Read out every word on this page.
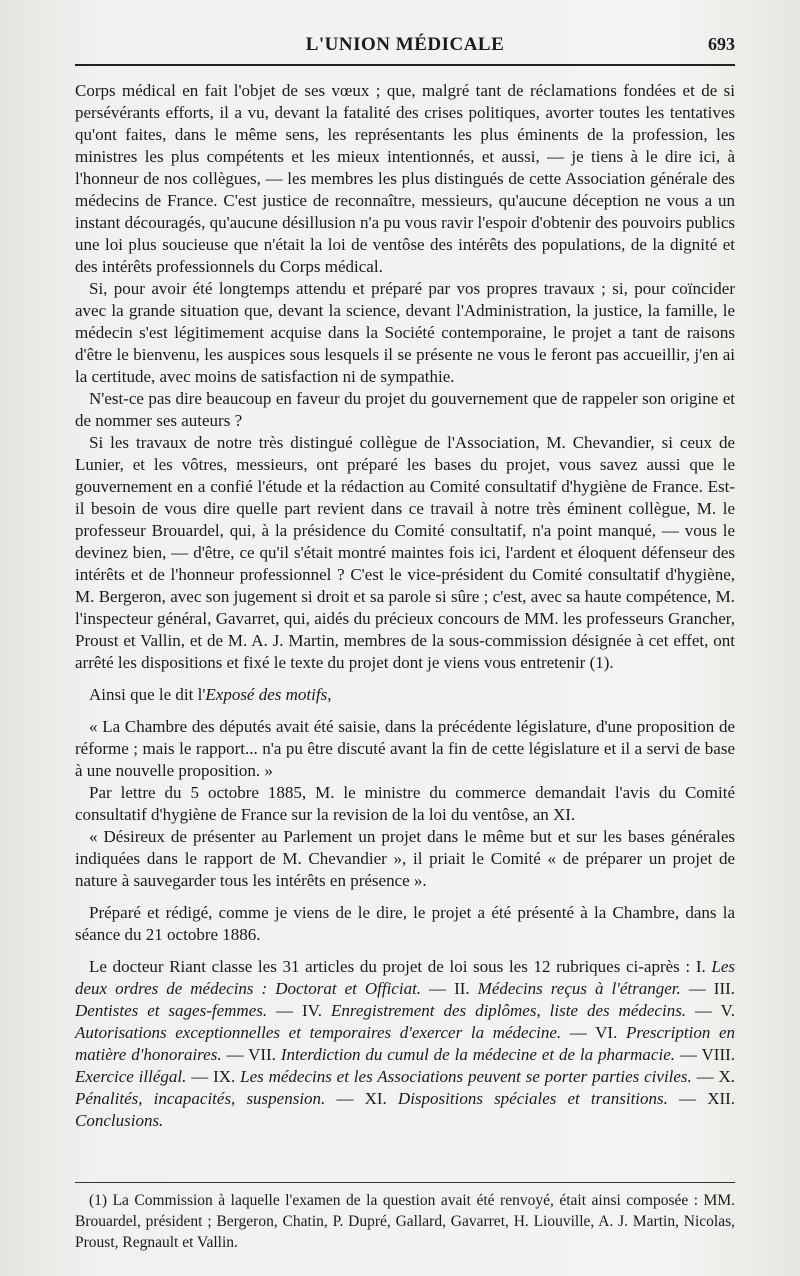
L'UNION MÉDICALE	693

Corps médical en fait l'objet de ses vœux ; que, malgré tant de réclamations fondées et de si persévérants efforts, il a vu, devant la fatalité des crises politiques, avorter toutes les tentatives qu'ont faites, dans le même sens, les représentants les plus éminents de la profession, les ministres les plus compétents et les mieux intentionnés, et aussi, — je tiens à le dire ici, à l'honneur de nos collègues, — les membres les plus distingués de cette Association générale des médecins de France. C'est justice de reconnaître, messieurs, qu'aucune déception ne vous a un instant découragés, qu'aucune désillusion n'a pu vous ravir l'espoir d'obtenir des pouvoirs publics une loi plus soucieuse que n'était la loi de ventôse des intérêts des populations, de la dignité et des intérêts professionnels du Corps médical.

Si, pour avoir été longtemps attendu et préparé par vos propres travaux ; si, pour coïncider avec la grande situation que, devant la science, devant l'Administration, la justice, la famille, le médecin s'est légitimement acquise dans la Société contemporaine, le projet a tant de raisons d'être le bienvenu, les auspices sous lesquels il se présente ne vous le feront pas accueillir, j'en ai la certitude, avec moins de satisfaction ni de sympathie.

N'est-ce pas dire beaucoup en faveur du projet du gouvernement que de rappeler son origine et de nommer ses auteurs ?

Si les travaux de notre très distingué collègue de l'Association, M. Chevandier, si ceux de Lunier, et les vôtres, messieurs, ont préparé les bases du projet, vous savez aussi que le gouvernement en a confié l'étude et la rédaction au Comité consultatif d'hygiène de France. Est-il besoin de vous dire quelle part revient dans ce travail à notre très éminent collègue, M. le professeur Brouardel, qui, à la présidence du Comité consultatif, n'a point manqué, — vous le devinez bien, — d'être, ce qu'il s'était montré maintes fois ici, l'ardent et éloquent défenseur des intérêts et de l'honneur professionnel ? C'est le vice-président du Comité consultatif d'hygiène, M. Bergeron, avec son jugement si droit et sa parole si sûre ; c'est, avec sa haute compétence, M. l'inspecteur général, Gavarret, qui, aidés du précieux concours de MM. les professeurs Grancher, Proust et Vallin, et de M. A. J. Martin, membres de la sous-commission désignée à cet effet, ont arrêté les dispositions et fixé le texte du projet dont je viens vous entretenir (1).

Ainsi que le dit l'Exposé des motifs,

« La Chambre des députés avait été saisie, dans la précédente législature, d'une proposition de réforme ; mais le rapport... n'a pu être discuté avant la fin de cette législature et il a servi de base à une nouvelle proposition. »

Par lettre du 5 octobre 1885, M. le ministre du commerce demandait l'avis du Comité consultatif d'hygiène de France sur la revision de la loi du ventôse, an XI.

« Désireux de présenter au Parlement un projet dans le même but et sur les bases générales indiquées dans le rapport de M. Chevandier », il priait le Comité « de préparer un projet de nature à sauvegarder tous les intérêts en présence ».

Préparé et rédigé, comme je viens de le dire, le projet a été présenté à la Chambre, dans la séance du 21 octobre 1886.

Le docteur Riant classe les 31 articles du projet de loi sous les 12 rubriques ci-après : I. Les deux ordres de médecins : Doctorat et Officiat. — II. Médecins reçus à l'étranger. — III. Dentistes et sages-femmes. — IV. Enregistrement des diplômes, liste des médecins. — V. Autorisations exceptionnelles et temporaires d'exercer la médecine. — VI. Prescription en matière d'honoraires. — VII. Interdiction du cumul de la médecine et de la pharmacie. — VIII. Exercice illégal. — IX. Les médecins et les Associations peuvent se porter parties civiles. — X. Pénalités, incapacités, suspension. — XI. Dispositions spéciales et transitions. — XII. Conclusions.

(1) La Commission à laquelle l'examen de la question avait été renvoyé, était ainsi composée : MM. Brouardel, président ; Bergeron, Chatin, P. Dupré, Gallard, Gavarret, H. Liouville, A. J. Martin, Nicolas, Proust, Regnault et Vallin.
